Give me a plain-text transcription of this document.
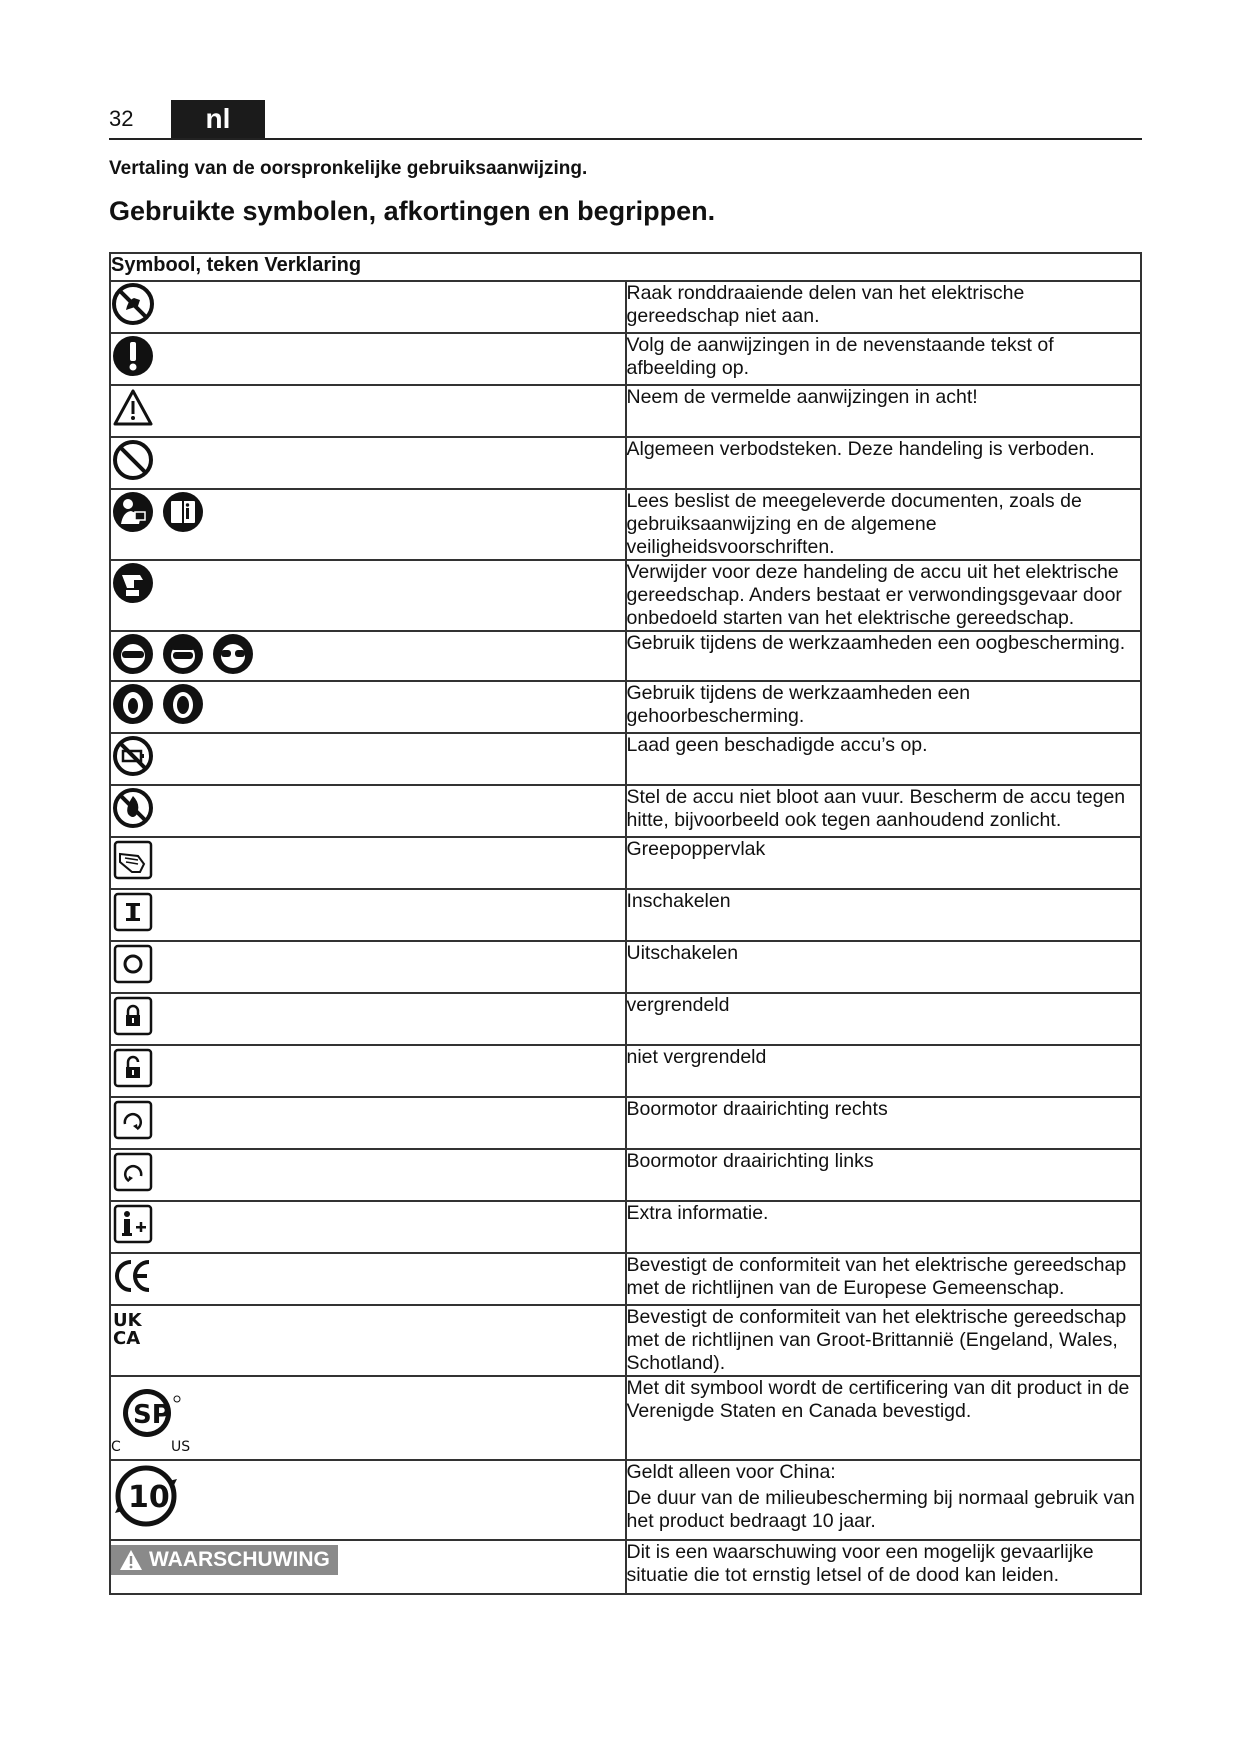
32	nl
Vertaling van de oorspronkelijke gebruiksaanwijzing.
Gebruikte symbolen, afkortingen en begrippen.
Symbool, teken Verklaring	

	Raak ronddraaiende delen van het elektrische gereedschap niet aan.

	Volg de aanwijzingen in de nevenstaande tekst of afbeelding op.

	Neem de vermelde aanwijzingen in acht!

	Algemeen verbodsteken. Deze handeling is verboden.

	Lees beslist de meegeleverde documenten, zoals de gebruiksaanwijzing en de algemene veiligheidsvoorschriften.

	Verwijder voor deze handeling de accu uit het elektrische gereedschap. Anders bestaat er verwondingsgevaar door onbedoeld starten van het elektrische gereedschap.

	Gebruik tijdens de werkzaamheden een oogbescherming.

	Gebruik tijdens de werkzaamheden een gehoorbescherming.

	Laad geen beschadigde accu’s op.

	Stel de accu niet bloot aan vuur. Bescherm de accu tegen hitte, bijvoorbeeld ook tegen aanhoudend zonlicht.

	Greepoppervlak

	Inschakelen

	Uitschakelen

	vergrendeld

	niet vergrendeld

	Boormotor draairichting rechts

	Boormotor draairichting links

	Extra informatie.

	Bevestigt de conformiteit van het elektrische gereedschap met de richtlijnen van de Europese Gemeenschap.

UK
CA	Bevestigt de conformiteit van het elektrische gereedschap met de richtlijnen van Groot-Brittannië (Engeland, Wales, Schotland).

SP
C US	Met dit symbool wordt de certificering van dit product in de Verenigde Staten en Canada bevestigd.

10	Geldt alleen voor China:
De duur van de milieubescherming bij normaal gebruik van het product bedraagt 10 jaar.

WAARSCHUWING	Dit is een waarschuwing voor een mogelijk gevaarlijke situatie die tot ernstig letsel of de dood kan leiden.
